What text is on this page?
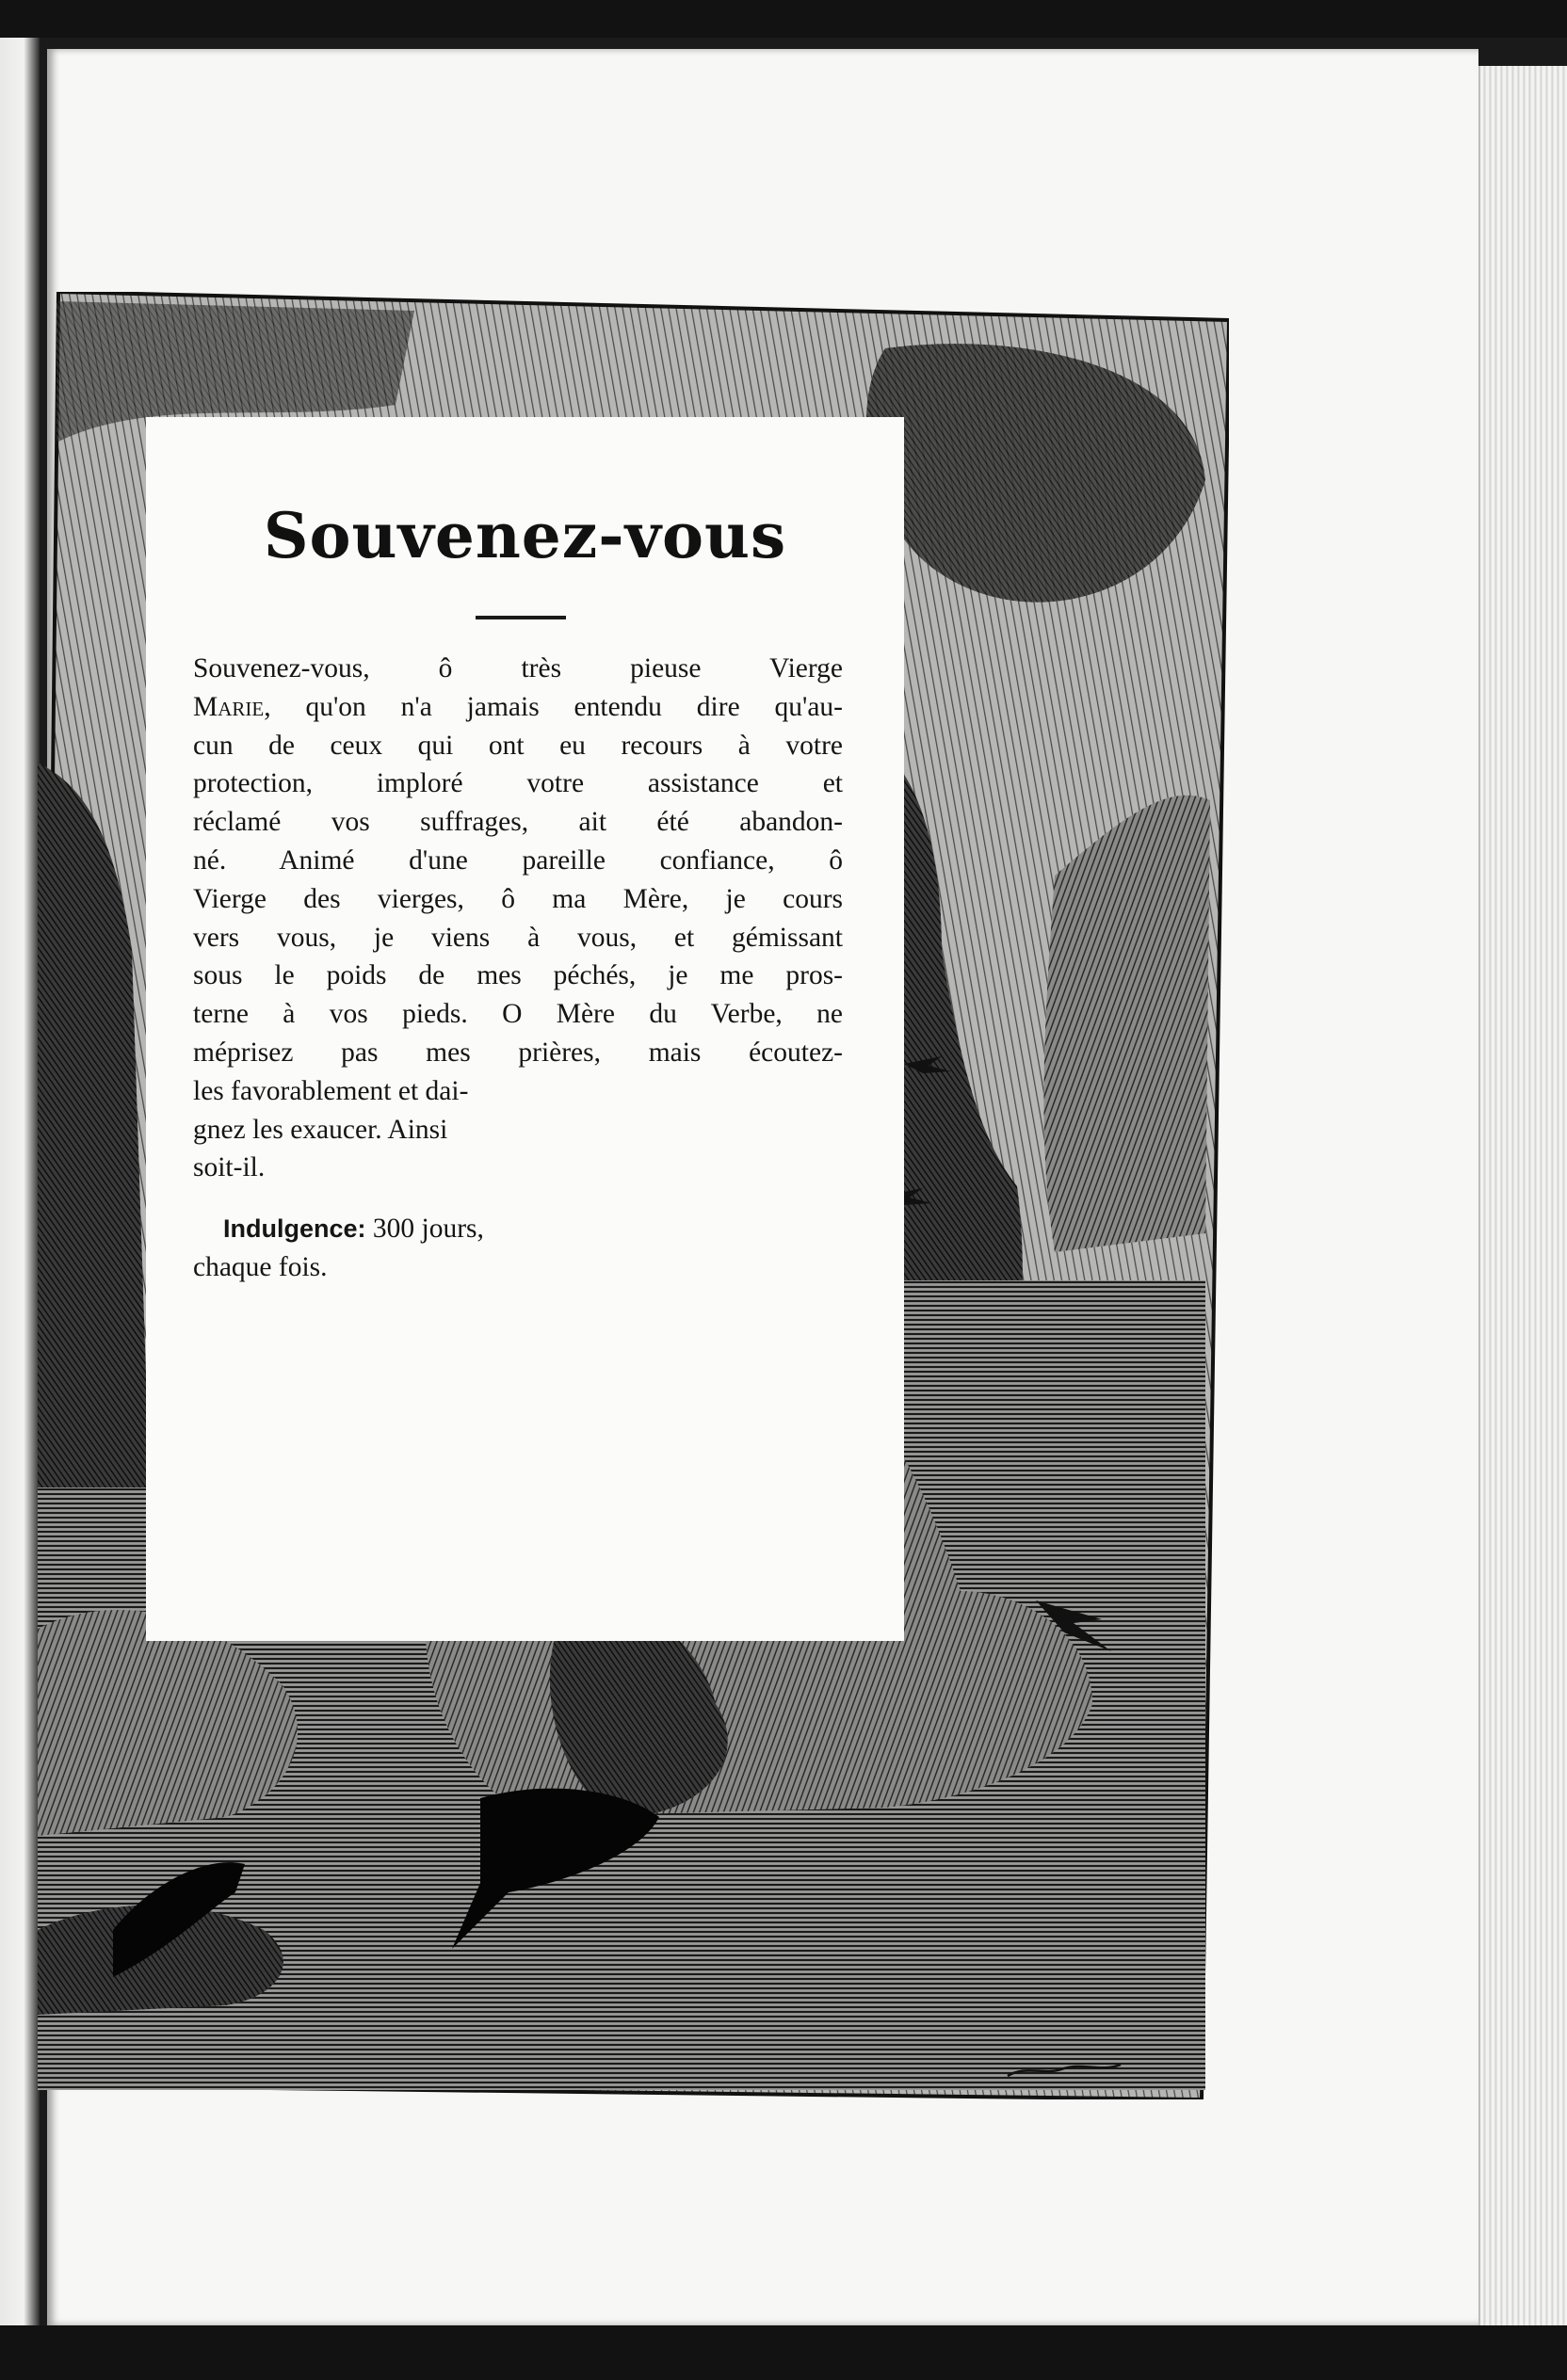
Souvenez-vous
Souvenez-vous, ô très pieuse Vierge
Marie, qu'on n'a jamais entendu dire qu'au-
cun de ceux qui ont eu recours à votre
protection, imploré votre assistance et
réclamé vos suffrages, ait été abandon-
né. Animé d'une pareille confiance, ô
Vierge des vierges, ô ma Mère, je cours
vers vous, je viens à vous, et gémissant
sous le poids de mes péchés, je me pros-
terne à vos pieds. O Mère du Verbe, ne
méprisez pas mes prières, mais écoutez-
les favorablement et dai-
gnez les exaucer. Ainsi
soit-il.
Indulgence: 300 jours,
chaque fois.
